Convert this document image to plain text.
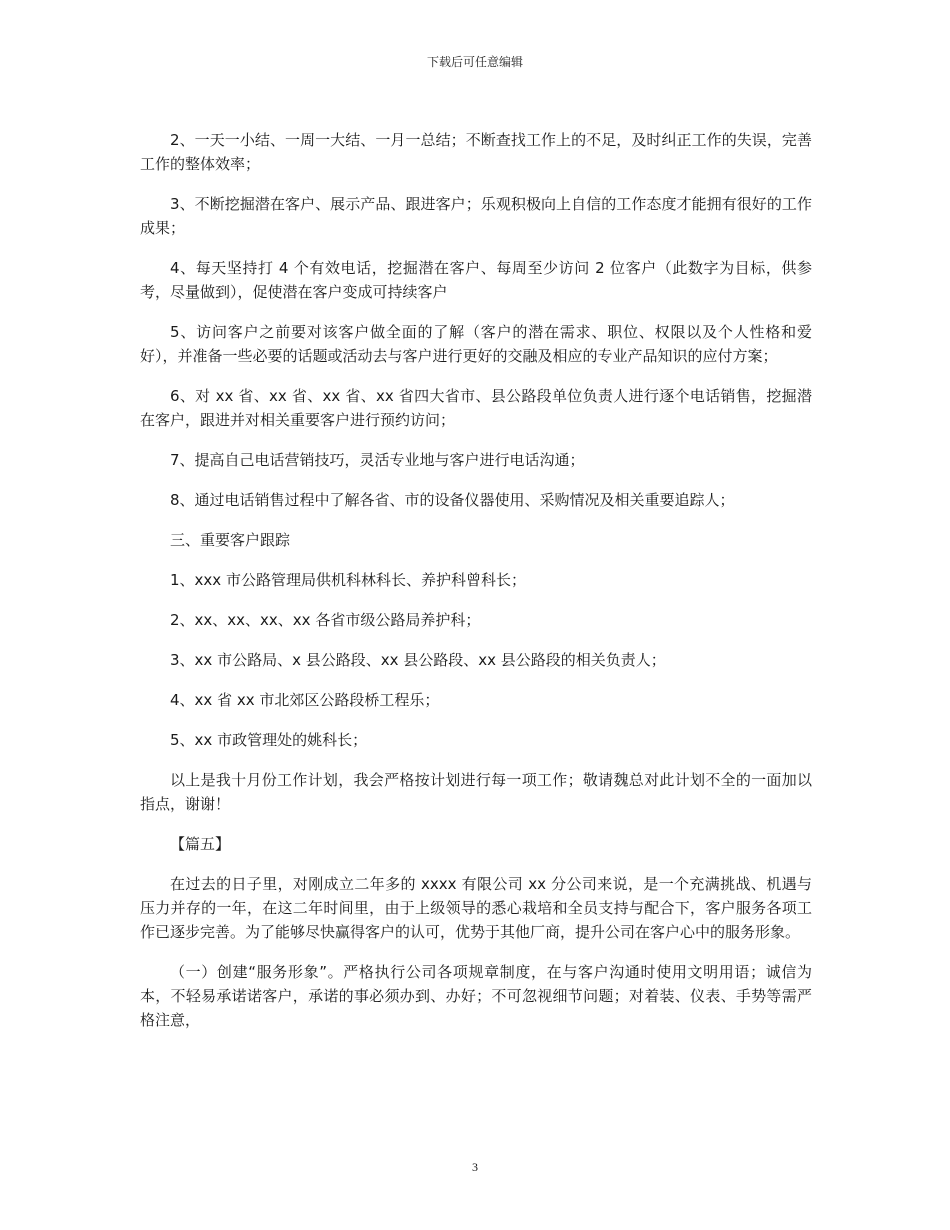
下载后可任意编辑

2、一天一小结、一周一大结、一月一总结；不断查找工作上的不足，及时纠正工作的失误，完善工作的整体效率；

3、不断挖掘潜在客户、展示产品、跟进客户；乐观积极向上自信的工作态度才能拥有很好的工作成果；

4、每天坚持打 4 个有效电话，挖掘潜在客户、每周至少访问 2 位客户（此数字为目标，供参考，尽量做到），促使潜在客户变成可持续客户

5、访问客户之前要对该客户做全面的了解（客户的潜在需求、职位、权限以及个人性格和爱好），并准备一些必要的话题或活动去与客户进行更好的交融及相应的专业产品知识的应付方案；

6、对 xx 省、xx 省、xx 省、xx 省四大省市、县公路段单位负责人进行逐个电话销售，挖掘潜在客户，跟进并对相关重要客户进行预约访问；

7、提高自己电话营销技巧，灵活专业地与客户进行电话沟通；

8、通过电话销售过程中了解各省、市的设备仪器使用、采购情况及相关重要追踪人；

三、重要客户跟踪

1、xxx 市公路管理局供机科林科长、养护科曾科长；

2、xx、xx、xx、xx 各省市级公路局养护科；

3、xx 市公路局、x 县公路段、xx 县公路段、xx 县公路段的相关负责人；

4、xx 省 xx 市北郊区公路段桥工程乐；

5、xx 市政管理处的姚科长；

以上是我十月份工作计划，我会严格按计划进行每一项工作；敬请魏总对此计划不全的一面加以指点，谢谢！

【篇五】

在过去的日子里，对刚成立二年多的 xxxx 有限公司 xx 分公司来说，是一个充满挑战、机遇与压力并存的一年，在这二年时间里，由于上级领导的悉心栽培和全员支持与配合下，客户服务各项工作已逐步完善。为了能够尽快赢得客户的认可，优势于其他厂商，提升公司在客户心中的服务形象。

（一）创建“服务形象”。严格执行公司各项规章制度，在与客户沟通时使用文明用语；诚信为本，不轻易承诺诺客户，承诺的事必须办到、办好；不可忽视细节问题；对着装、仪表、手势等需严格注意，

3
